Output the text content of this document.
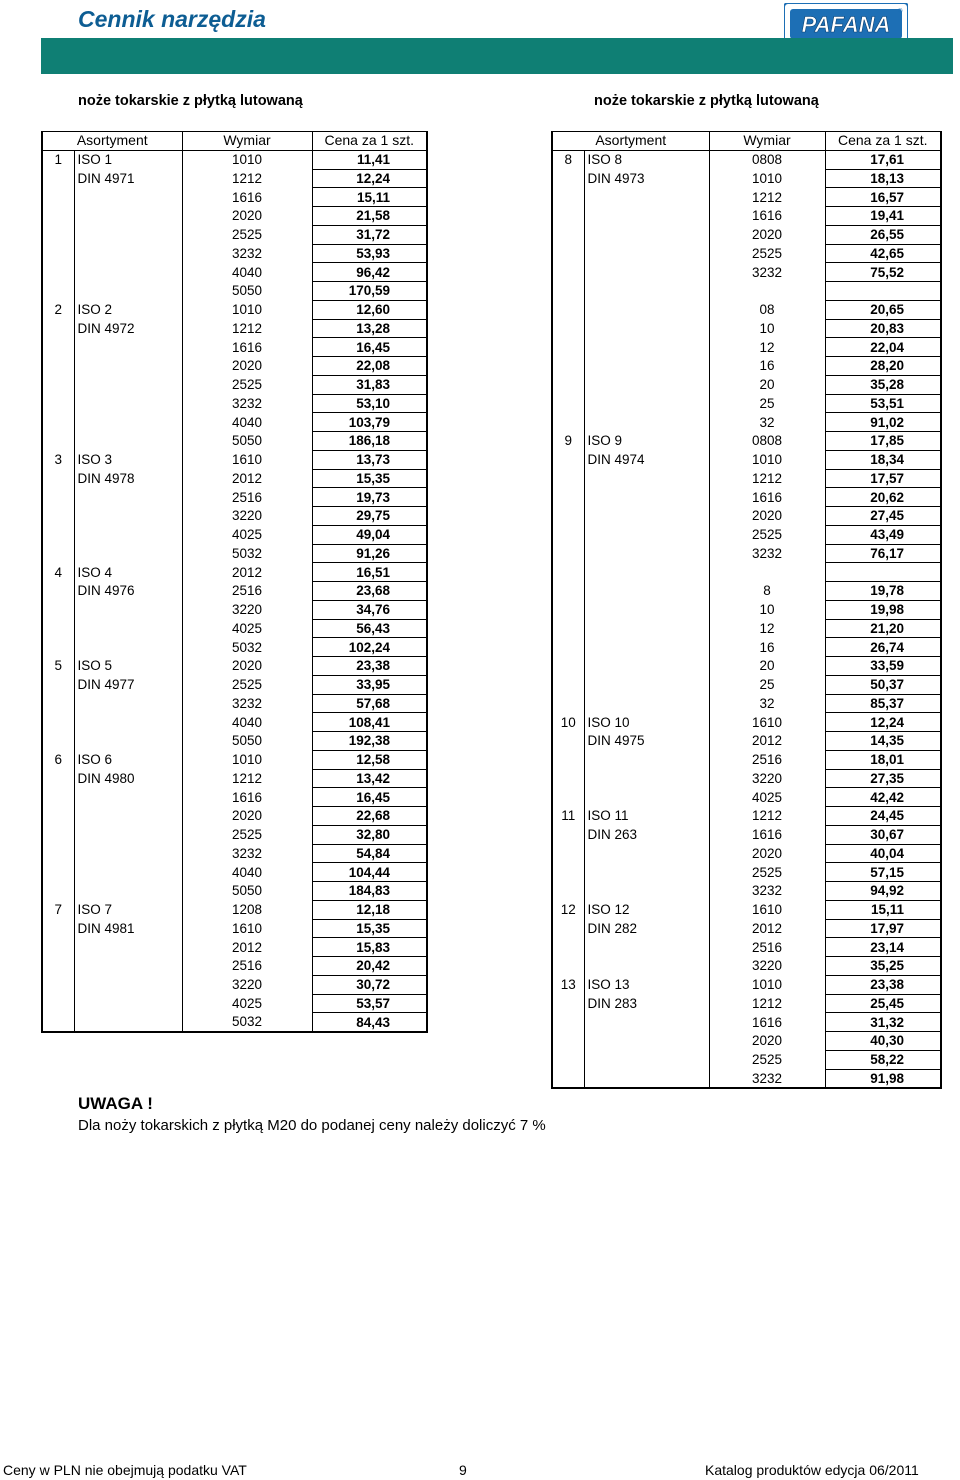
Cennik narzędzia	PAFANA ®
noże tokarskie z płytką lutowaną	noże tokarskie z płytką lutowaną
Asortyment		Wymiar	Cena za 1 szt.
1	ISO 1	1010	11,41
	DIN 4971	1212	12,24
		1616	15,11
		2020	21,58
		2525	31,72
		3232	53,93
		4040	96,42
		5050	170,59
2	ISO 2	1010	12,60
	DIN 4972	1212	13,28
		1616	16,45
		2020	22,08
		2525	31,83
		3232	53,10
		4040	103,79
		5050	186,18
3	ISO 3	1610	13,73
	DIN 4978	2012	15,35
		2516	19,73
		3220	29,75
		4025	49,04
		5032	91,26
4	ISO 4	2012	16,51
	DIN 4976	2516	23,68
		3220	34,76
		4025	56,43
		5032	102,24
5	ISO 5	2020	23,38
	DIN 4977	2525	33,95
		3232	57,68
		4040	108,41
		5050	192,38
6	ISO 6	1010	12,58
	DIN 4980	1212	13,42
		1616	16,45
		2020	22,68
		2525	32,80
		3232	54,84
		4040	104,44
		5050	184,83
7	ISO 7	1208	12,18
	DIN 4981	1610	15,35
		2012	15,83
		2516	20,42
		3220	30,72
		4025	53,57
		5032	84,43
Asortyment		Wymiar	Cena za 1 szt.
8	ISO 8	0808	17,61
	DIN 4973	1010	18,13
		1212	16,57
		1616	19,41
		2020	26,55
		2525	42,65
		3232	75,52

		08	20,65
		10	20,83
		12	22,04
		16	28,20
		20	35,28
		25	53,51
		32	91,02
9	ISO 9	0808	17,85
	DIN 4974	1010	18,34
		1212	17,57
		1616	20,62
		2020	27,45
		2525	43,49
		3232	76,17

		8	19,78
		10	19,98
		12	21,20
		16	26,74
		20	33,59
		25	50,37
		32	85,37
10	ISO 10	1610	12,24
	DIN 4975	2012	14,35
		2516	18,01
		3220	27,35
		4025	42,42
11	ISO 11	1212	24,45
	DIN 263	1616	30,67
		2020	40,04
		2525	57,15
		3232	94,92
12	ISO 12	1610	15,11
	DIN 282	2012	17,97
		2516	23,14
		3220	35,25
13	ISO 13	1010	23,38
	DIN 283	1212	25,45
		1616	31,32
		2020	40,30
		2525	58,22
		3232	91,98
UWAGA !
Dla noży tokarskich z płytką M20 do podanej ceny należy doliczyć 7 %
Ceny w PLN nie obejmują podatku VAT	9	Katalog produktów edycja 06/2011
